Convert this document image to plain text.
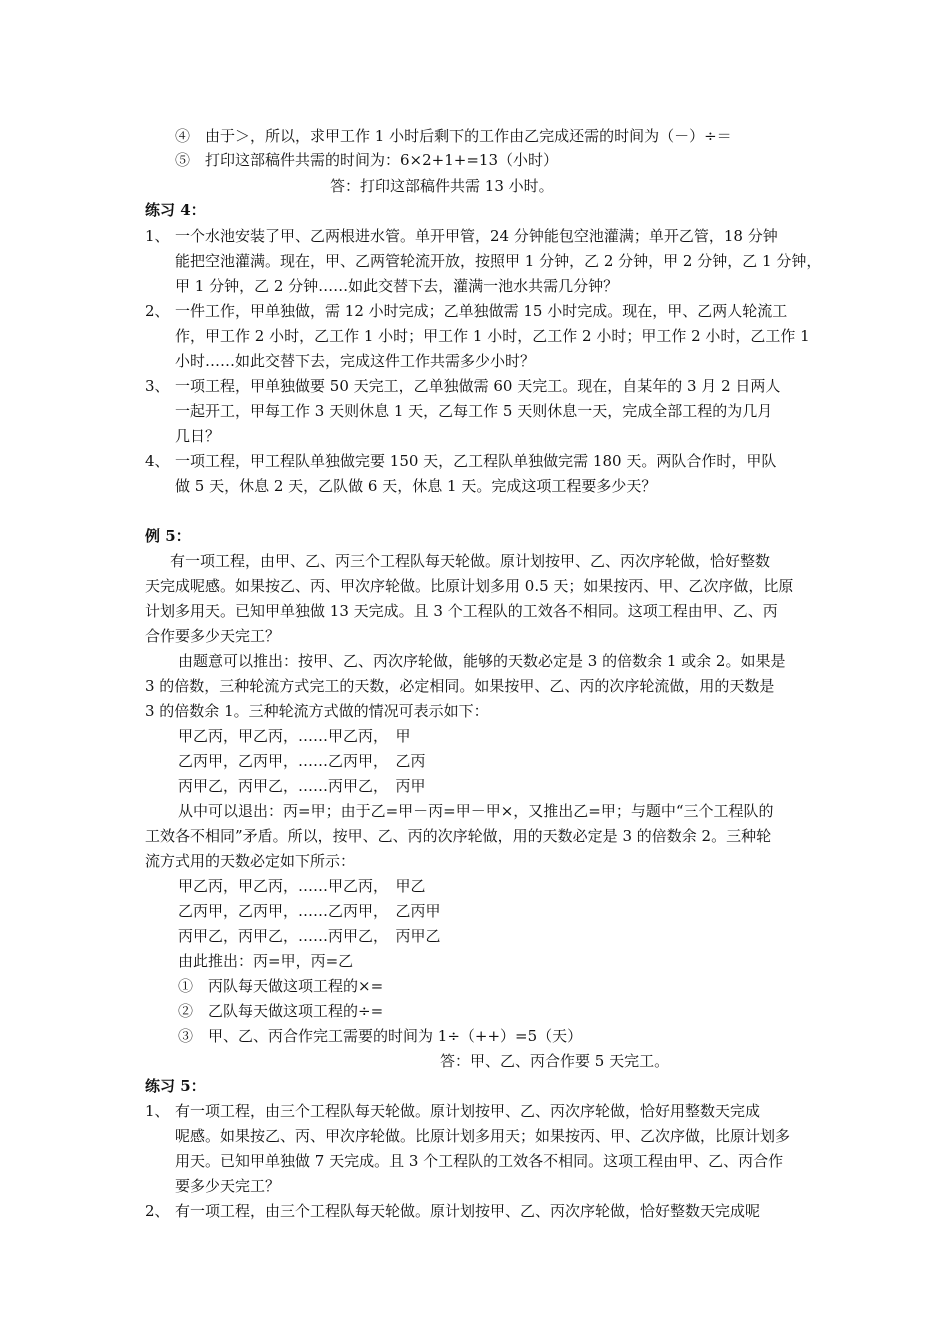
④　由于＞，所以，求甲工作 1 小时后剩下的工作由乙完成还需的时间为（－）÷＝
⑤　打印这部稿件共需的时间为：6×2+1+=13（小时）
答：打印这部稿件共需 13 小时。
练习 4：
1、 一个水池安装了甲、乙两根进水管。单开甲管，24 分钟能包空池灌满；单开乙管，18 分钟
能把空池灌满。现在，甲、乙两管轮流开放，按照甲 1 分钟，乙 2 分钟，甲 2 分钟，乙 1 分钟，
甲 1 分钟，乙 2 分钟……如此交替下去，灌满一池水共需几分钟？
2、 一件工作，甲单独做，需 12 小时完成；乙单独做需 15 小时完成。现在，甲、乙两人轮流工
作，甲工作 2 小时，乙工作 1 小时；甲工作 1 小时，乙工作 2 小时；甲工作 2 小时，乙工作 1
小时……如此交替下去，完成这件工作共需多少小时？
3、 一项工程，甲单独做要 50 天完工，乙单独做需 60 天完工。现在，自某年的 3 月 2 日两人
一起开工，甲每工作 3 天则休息 1 天，乙每工作 5 天则休息一天，完成全部工程的为几月
几日？
4、 一项工程，甲工程队单独做完要 150 天，乙工程队单独做完需 180 天。两队合作时，甲队
做 5 天，休息 2 天，乙队做 6 天，休息 1 天。完成这项工程要多少天？
例 5：
有一项工程，由甲、乙、丙三个工程队每天轮做。原计划按甲、乙、丙次序轮做，恰好整数
天完成呢感。如果按乙、丙、甲次序轮做。比原计划多用 0.5 天；如果按丙、甲、乙次序做，比原
计划多用天。已知甲单独做 13 天完成。且 3 个工程队的工效各不相同。这项工程由甲、乙、丙
合作要多少天完工？
由题意可以推出：按甲、乙、丙次序轮做，能够的天数必定是 3 的倍数余 1 或余 2。如果是
3 的倍数，三种轮流方式完工的天数，必定相同。如果按甲、乙、丙的次序轮流做，用的天数是
3 的倍数余 1。三种轮流方式做的情况可表示如下：
甲乙丙，甲乙丙，……甲乙丙，　甲
乙丙甲，乙丙甲，……乙丙甲，　乙丙
丙甲乙，丙甲乙，……丙甲乙，　丙甲
从中可以退出：丙=甲；由于乙=甲－丙=甲－甲×，又推出乙=甲；与题中“三个工程队的
工效各不相同”矛盾。所以，按甲、乙、丙的次序轮做，用的天数必定是 3 的倍数余 2。三种轮
流方式用的天数必定如下所示：
甲乙丙，甲乙丙，……甲乙丙，　甲乙
乙丙甲，乙丙甲，……乙丙甲，　乙丙甲
丙甲乙，丙甲乙，……丙甲乙，　丙甲乙
由此推出：丙=甲，丙=乙
①　丙队每天做这项工程的×=
②　乙队每天做这项工程的÷=
③　甲、乙、丙合作完工需要的时间为 1÷（++）=5（天）
答：甲、乙、丙合作要 5 天完工。
练习 5：
1、 有一项工程，由三个工程队每天轮做。原计划按甲、乙、丙次序轮做，恰好用整数天完成
呢感。如果按乙、丙、甲次序轮做。比原计划多用天；如果按丙、甲、乙次序做，比原计划多
用天。已知甲单独做 7 天完成。且 3 个工程队的工效各不相同。这项工程由甲、乙、丙合作
要多少天完工？
2、 有一项工程，由三个工程队每天轮做。原计划按甲、乙、丙次序轮做，恰好整数天完成呢
